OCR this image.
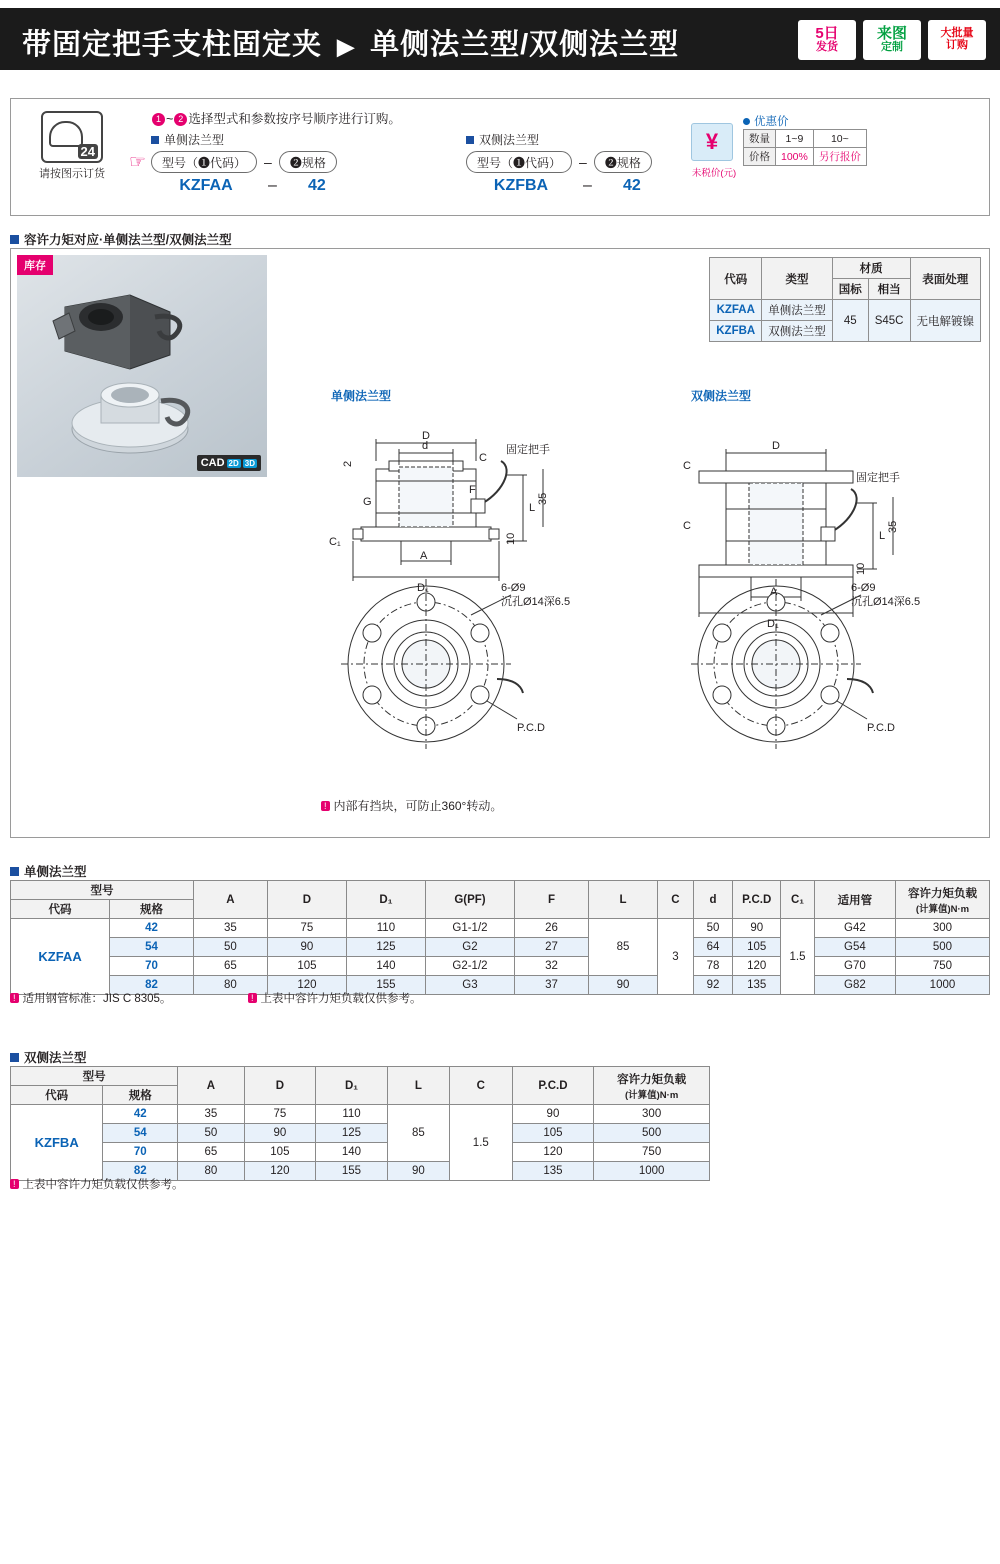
带固定把手支柱固定夹 ▶ 单侧法兰型/双侧法兰型	5日
发货
来图
定制
大批量
订购
24
请按图示订货
☞
1 ~ 2 选择型式和参数按序号顺序进行订购。
单侧法兰型
型号（❶代码）	–	❷规格
KZFAA	–	42
双侧法兰型
型号（❶代码）	–	❷规格
KZFBA	–	42
¥
未税价(元)
优惠价
数量	1~9	10~
价格	100%	另行报价
容许力矩对应·单侧法兰型/双侧法兰型
库存
CAD 2D 3D
代码	类型	材质		表面处理
		国标	相当	
KZFAA	单侧法兰型	45	S45C	无电解镀镍
KZFBA	双侧法兰型			
单侧法兰型	双侧法兰型
D
d
A
D₁
C
C₁
G
F
L
35
10
2
6-Ø9
沉孔Ø14深6.5
P.C.D
固定把手	D
A
D₁
C
C
L
35
10
6-Ø9
沉孔Ø14深6.5
P.C.D
固定把手
! 内部有挡块，可防止360°转动。
单侧法兰型
型号		A	D	D₁	G(PF)	F	L	C	d	P.C.D	C₁	适用管	容许力矩负载
(计算值)N·m

代码	规格												
KZFAA	42	35	75	110	G1-1/2	26	85	3	50	90	1.5	G42	300
	54	50	90	125	G2	27			64	105		G54	500
	70	65	105	140	G2-1/2	32			78	120		G70	750
	82	80	120	155	G3	37	90		92	135		G82	1000
! 适用钢管标准：JIS C 8305。	! 上表中容许力矩负载仅供参考。
双侧法兰型
型号		A	D	D₁	L	C	P.C.D	容许力矩负载
(计算值)N·m

代码	规格							
KZFBA	42	35	75	110	85	1.5	90	300
	54	50	90	125			105	500
	70	65	105	140			120	750
	82	80	120	155	90		135	1000
! 上表中容许力矩负载仅供参考。
